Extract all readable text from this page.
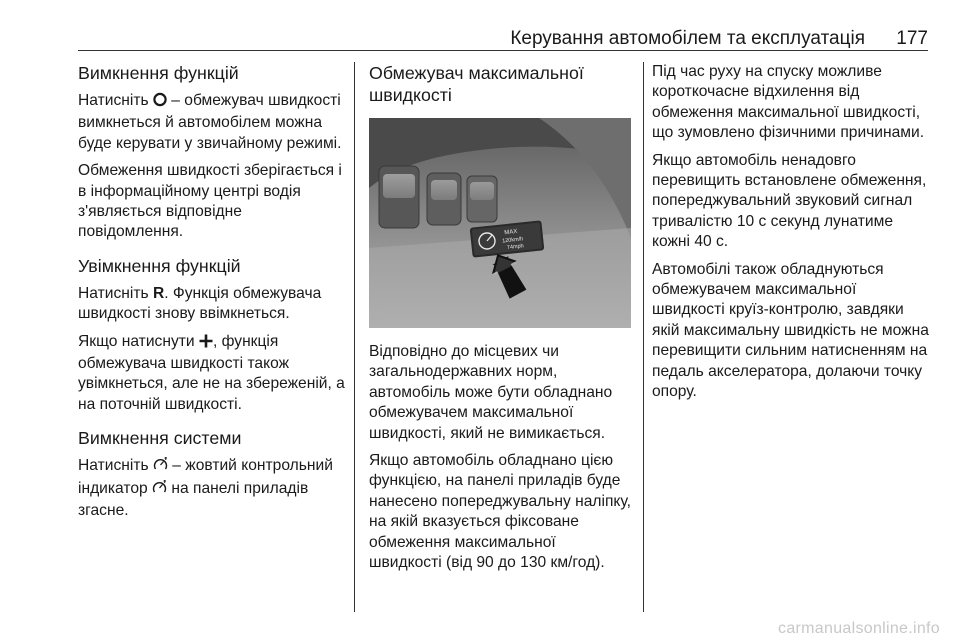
Керування автомобілем та експлуатація 177
Вимкнення функцій

Натисніть – обмежувач швидкості вимкнеться й автомобілем можна буде керувати у звичайному режимі.

Обмеження швидкості зберігається і в інформаційному центрі водія з'являється відповідне повідомлення.

Увімкнення функцій

Натисніть R. Функція обмежувача швидкості знову ввімкнеться.

Якщо натиснути , функція обмежувача швидкості також увімкнеться, але не на збереженій, а на поточній швидкості.

Вимкнення системи

Натисніть – жовтий контрольний індикатор на панелі приладів згасне.

Обмежувач максимальної швидкості
MAX
120km/h
74mph

Відповідно до місцевих чи загальнодержавних норм, автомобіль може бути обладнано обмежувачем максимальної швидкості, який не вимикається.

Якщо автомобіль обладнано цією функцією, на панелі приладів буде нанесено попереджувальну наліпку, на якій вказується фіксоване обмеження максимальної швидкості (від 90 до 130 км/год).

Під час руху на спуску можливе короткочасне відхилення від обмеження максимальної швидкості, що зумовлено фізичними причинами.

Якщо автомобіль ненадовго перевищить встановлене обмеження, попереджувальний звуковий сигнал тривалістю 10 с секунд лунатиме кожні 40 с.

Автомобілі також обладнуються обмежувачем максимальної швидкості круїз-контролю, завдяки якій максимальну швидкість не можна перевищити сильним натисненням на педаль акселератора, долаючи точку опору.

carmanualsonline.info
